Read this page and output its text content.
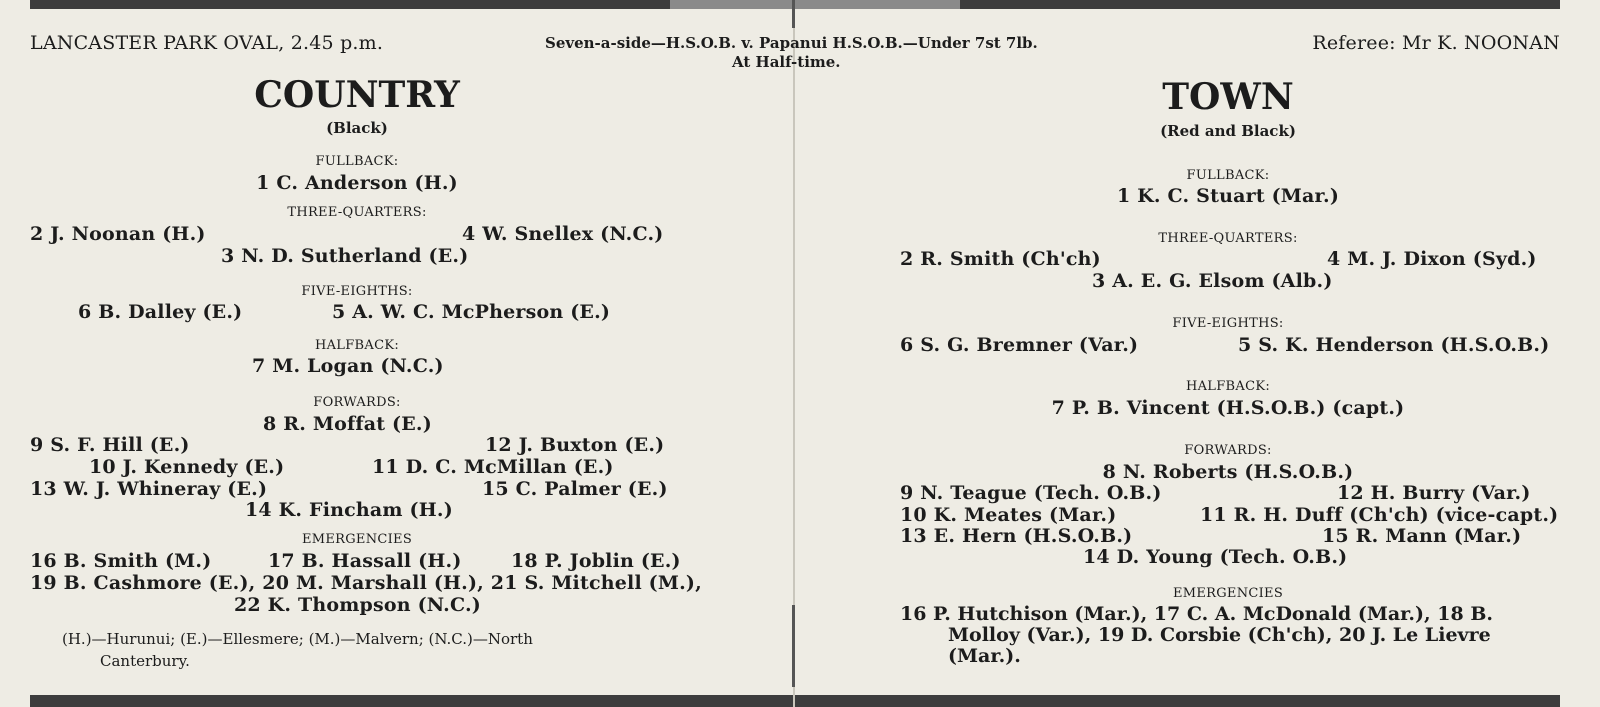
LANCASTER PARK OVAL, 2.45 p.m.	Seven-a-side—H.S.O.B. v. Papanui H.S.O.B.—Under 7st 7lb.
At Half-time.
Referee: Mr K. NOONAN
COUNTRY
(Black)
FULLBACK:
1 C. Anderson (H.)
THREE-QUARTERS:
2 J. Noonan (H.)	4 W. Snellex (N.C.)
3 N. D. Sutherland (E.)
FIVE-EIGHTHS:
6 B. Dalley (E.)	5 A. W. C. McPherson (E.)
HALFBACK:
7 M. Logan (N.C.)
FORWARDS:
8 R. Moffat (E.)
9 S. F. Hill (E.)	12 J. Buxton (E.)
10 J. Kennedy (E.)	11 D. C. McMillan (E.)
13 W. J. Whineray (E.)	15 C. Palmer (E.)
14 K. Fincham (H.)
EMERGENCIES
16 B. Smith (M.)	17 B. Hassall (H.)	18 P. Joblin (E.)
19 B. Cashmore (E.), 20 M. Marshall (H.), 21 S. Mitchell (M.),
22 K. Thompson (N.C.)
(H.)—Hurunui; (E.)—Ellesmere; (M.)—Malvern; (N.C.)—North
Canterbury.
TOWN
(Red and Black)
FULLBACK:
1 K. C. Stuart (Mar.)
THREE-QUARTERS:
2 R. Smith (Ch'ch)	4 M. J. Dixon (Syd.)
3 A. E. G. Elsom (Alb.)
FIVE-EIGHTHS:
6 S. G. Bremner (Var.)	5 S. K. Henderson (H.S.O.B.)
HALFBACK:
7 P. B. Vincent (H.S.O.B.) (capt.)
FORWARDS:
8 N. Roberts (H.S.O.B.)
9 N. Teague (Tech. O.B.)	12 H. Burry (Var.)
10 K. Meates (Mar.)	11 R. H. Duff (Ch'ch) (vice-capt.)
13 E. Hern (H.S.O.B.)	15 R. Mann (Mar.)
14 D. Young (Tech. O.B.)
EMERGENCIES
16 P. Hutchison (Mar.), 17 C. A. McDonald (Mar.), 18 B.
Molloy (Var.), 19 D. Corsbie (Ch'ch), 20 J. Le Lievre
(Mar.).
